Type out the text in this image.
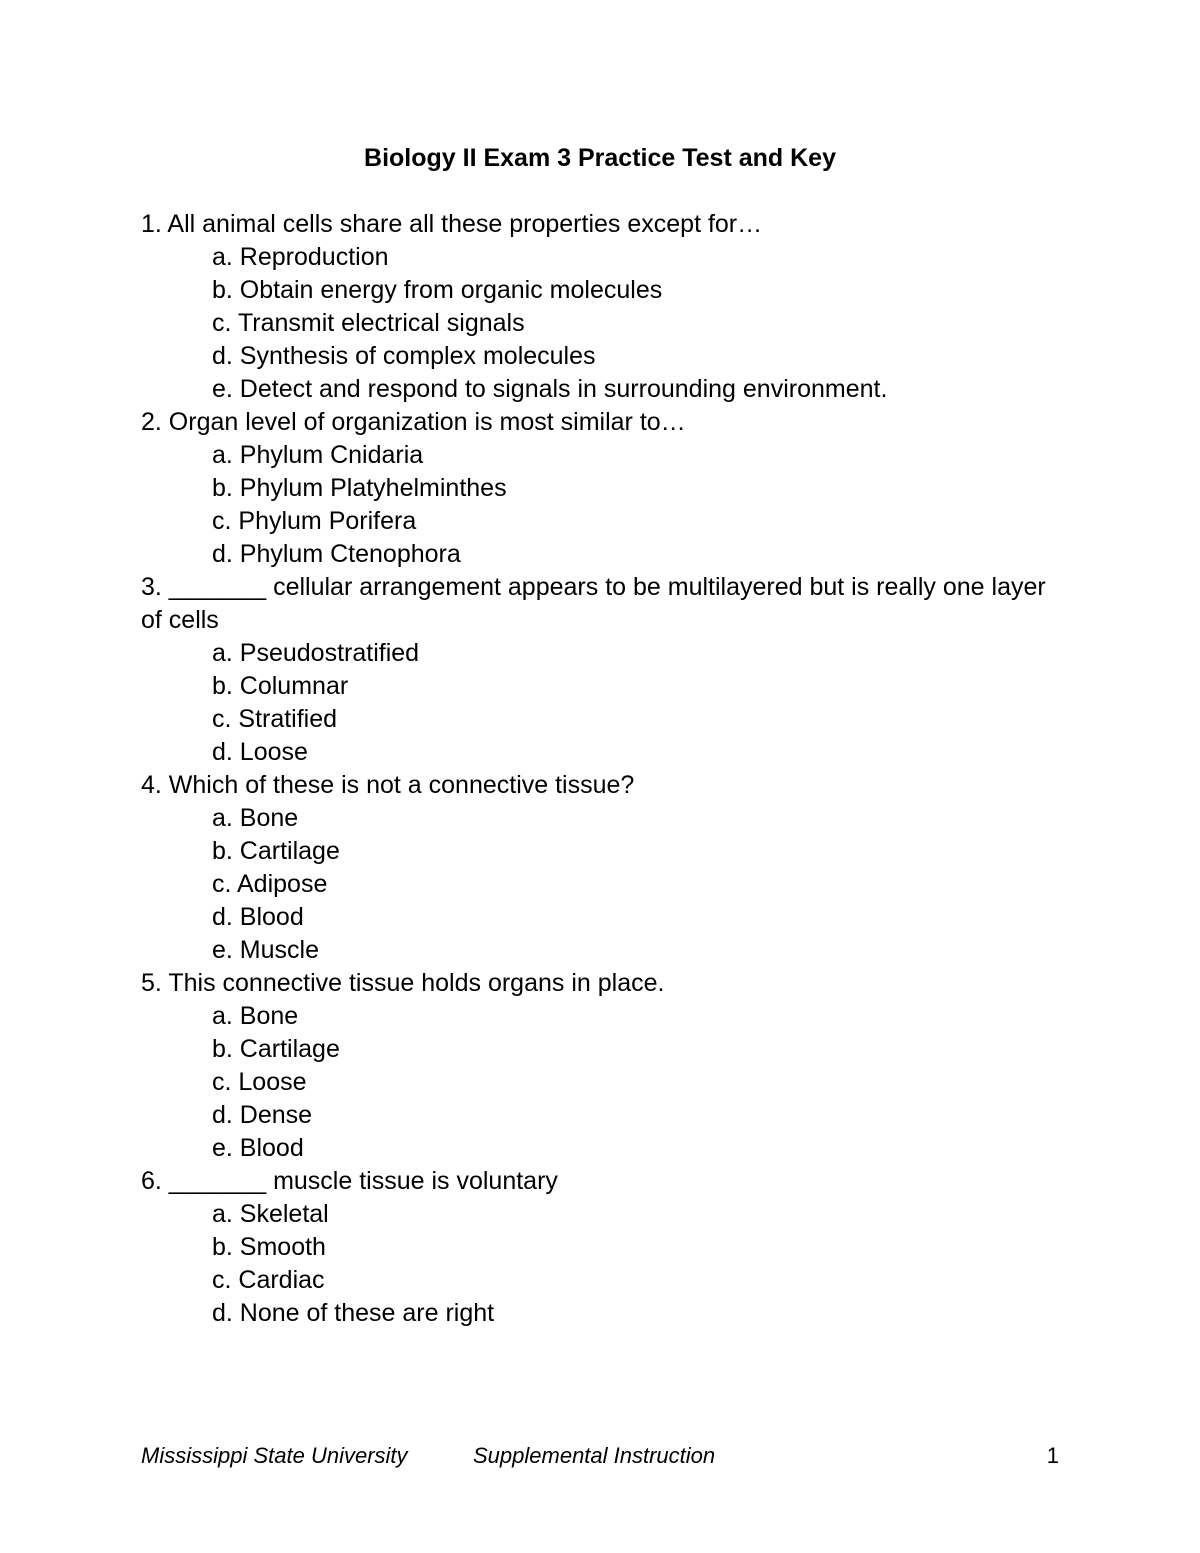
Biology II Exam 3 Practice Test and Key
1. All animal cells share all these properties except for…
a. Reproduction
b. Obtain energy from organic molecules
c. Transmit electrical signals
d. Synthesis of complex molecules
e. Detect and respond to signals in surrounding environment.
2. Organ level of organization is most similar to…
a. Phylum Cnidaria
b. Phylum Platyhelminthes
c. Phylum Porifera
d. Phylum Ctenophora
3. _______ cellular arrangement appears to be multilayered but is really one layer of cells
a. Pseudostratified
b. Columnar
c. Stratified
d. Loose
4. Which of these is not a connective tissue?
a. Bone
b. Cartilage
c. Adipose
d. Blood
e. Muscle
5. This connective tissue holds organs in place.
a. Bone
b. Cartilage
c. Loose
d. Dense
e. Blood
6. _______ muscle tissue is voluntary
a. Skeletal
b. Smooth
c. Cardiac
d. None of these are right
Mississippi State University	Supplemental Instruction	1
